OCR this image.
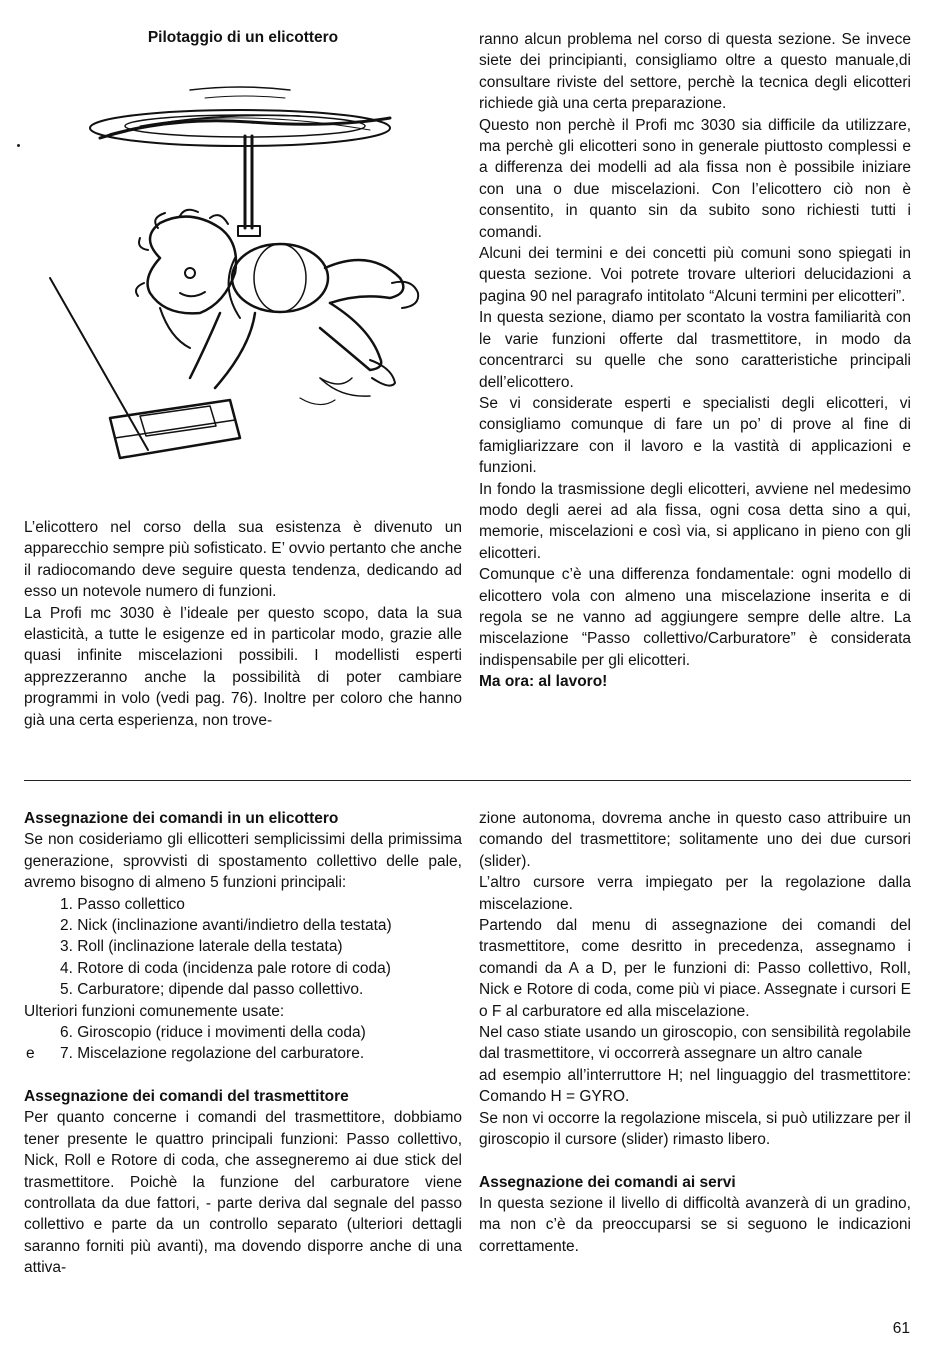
Pilotaggio di un elicottero

L’elicottero nel corso della sua esistenza è divenuto un apparecchio sempre più sofisticato. E’ ovvio pertanto che anche il radiocomando deve seguire questa tendenza, dedicando ad esso un notevole numero di funzioni.

La Profi mc 3030 è l’ideale per questo scopo, data la sua elasticità, a tutte le esigenze ed in particolar modo, grazie alle quasi infinite miscelazioni possibili. I modellisti esperti apprezzeranno anche la possibilità di poter cambiare programmi in volo (vedi pag. 76). Inoltre per coloro che hanno già una certa esperienza, non trove-

ranno alcun problema nel corso di questa sezione. Se invece siete dei principianti, consigliamo oltre a questo manuale,di consultare riviste del settore, perchè la tecnica degli elicotteri richiede già una certa preparazione.

Questo non perchè il Profi mc 3030 sia difficile da utilizzare, ma perchè gli elicotteri sono in generale piuttosto complessi e a differenza dei modelli ad ala fissa non è possibile iniziare con una o due miscelazioni. Con l’elicottero ciò non è consentito, in quanto sin da subito sono richiesti tutti i comandi.

Alcuni dei termini e dei concetti più comuni sono spiegati in questa sezione. Voi potrete trovare ulteriori delucidazioni a pagina 90 nel paragrafo intitolato “Alcuni termini per elicotteri”.

In questa sezione, diamo per scontato la vostra familiarità con le varie funzioni offerte dal trasmettitore, in modo da concentrarci su quelle che sono caratteristiche principali dell’elicottero.

Se vi considerate esperti e specialisti degli elicotteri, vi consigliamo comunque di fare un po’ di prove al fine di famigliarizzare con il lavoro e la vastità di applicazioni e funzioni.

In fondo la trasmissione degli elicotteri, avviene nel medesimo modo degli aerei ad ala fissa, ogni cosa detta sino a qui, memorie, miscelazioni e così via, si applicano in pieno con gli elicotteri.

Comunque c’è una differenza fondamentale: ogni modello di elicottero vola con almeno una miscelazione inserita e di regola se ne vanno ad aggiungere sempre delle altre. La miscelazione “Passo collettivo/Carburatore” è considerata indispensabile per gli elicotteri.

Ma ora: al lavoro!

Assegnazione dei comandi in un elicottero

Se non cosideriamo gli ellicotteri semplicissimi della primissima generazione, sprovvisti di spostamento collettivo delle pale, avremo bisogno di almeno 5 funzioni principali:

1. Passo collettico

2. Nick (inclinazione avanti/indietro della testata)

3. Roll (inclinazione laterale della testata)

4. Rotore di coda (incidenza pale rotore di coda)

5. Carburatore; dipende dal passo collettivo.

Ulteriori funzioni comunemente usate:

6. Giroscopio (riduce i movimenti della coda)

e 7. Miscelazione regolazione del carburatore.

Assegnazione dei comandi del trasmettitore

Per quanto concerne i comandi del trasmettitore, dobbiamo tener presente le quattro principali funzioni: Passo collettivo, Nick, Roll e Rotore di coda, che assegneremo ai due stick del trasmettitore. Poichè la funzione del carburatore viene controllata da due fattori, - parte deriva dal segnale del passo collettivo e parte da un controllo separato (ulteriori dettagli saranno forniti più avanti), ma dovendo disporre anche di una attiva-

zione autonoma, dovrema anche in questo caso attribuire un comando del trasmettitore; solitamente uno dei due cursori (slider).

L’altro cursore verra impiegato per la regolazione dalla miscelazione.

Partendo dal menu di assegnazione dei comandi del trasmettitore, come desritto in precedenza, assegnamo i comandi da A a D, per le funzioni di: Passo collettivo, Roll, Nick e Rotore di coda, come più vi piace. Assegnate i cursori E o F al carburatore ed alla miscelazione.

Nel caso stiate usando un giroscopio, con sensibilità regolabile dal trasmettitore, vi occorrerà assegnare un altro canale

ad esempio all’interruttore H; nel linguaggio del trasmettitore: Comando H = GYRO.

Se non vi occorre la regolazione miscela, si può utilizzare per il giroscopio il cursore (slider) rimasto libero.

Assegnazione dei comandi ai servi

In questa sezione il livello di difficoltà avanzerà di un gradino, ma non c’è da preoccuparsi se si seguono le indicazioni correttamente.

61
